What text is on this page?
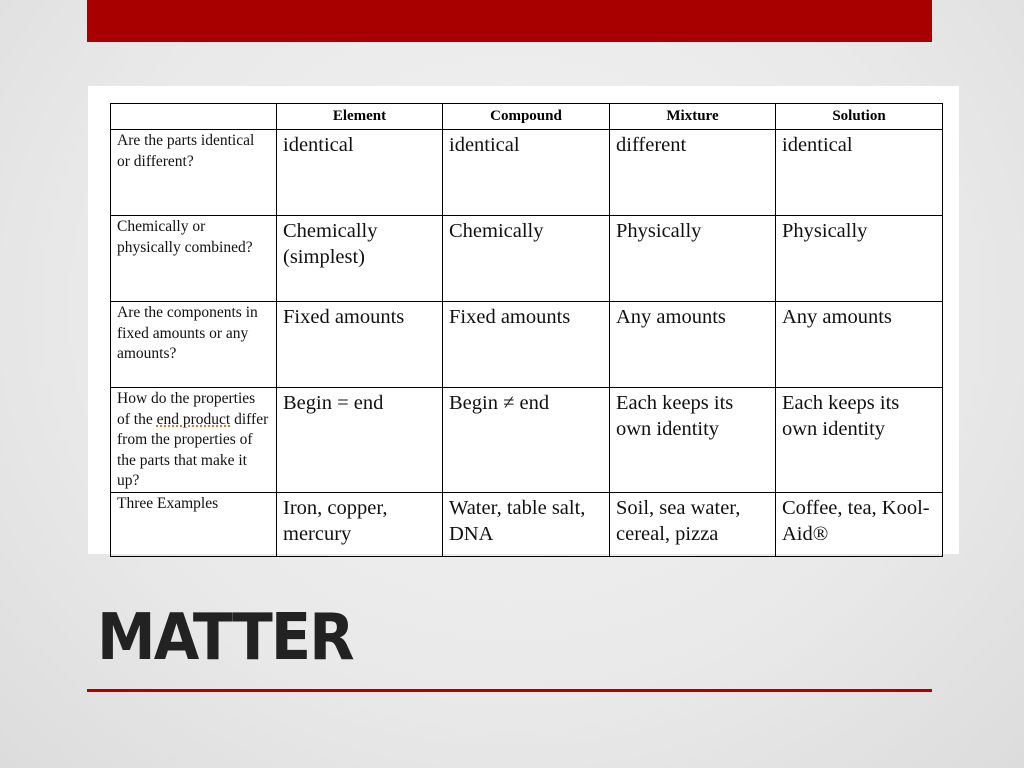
	Element	Compound	Mixture	Solution
Are the parts identical or different?	identical	identical	different	identical
Chemically or physically combined?	Chemically (simplest)	Chemically	Physically	Physically
Are the components in fixed amounts or any amounts?	Fixed amounts	Fixed amounts	Any amounts	Any amounts
How do the properties of the end product differ from the properties of the parts that make it up?	Begin = end	Begin ≠ end	Each keeps its own identity	Each keeps its own identity
Three Examples	Iron, copper, mercury	Water, table salt, DNA	Soil, sea water, cereal, pizza	Coffee, tea, Kool-Aid®
MATTER
